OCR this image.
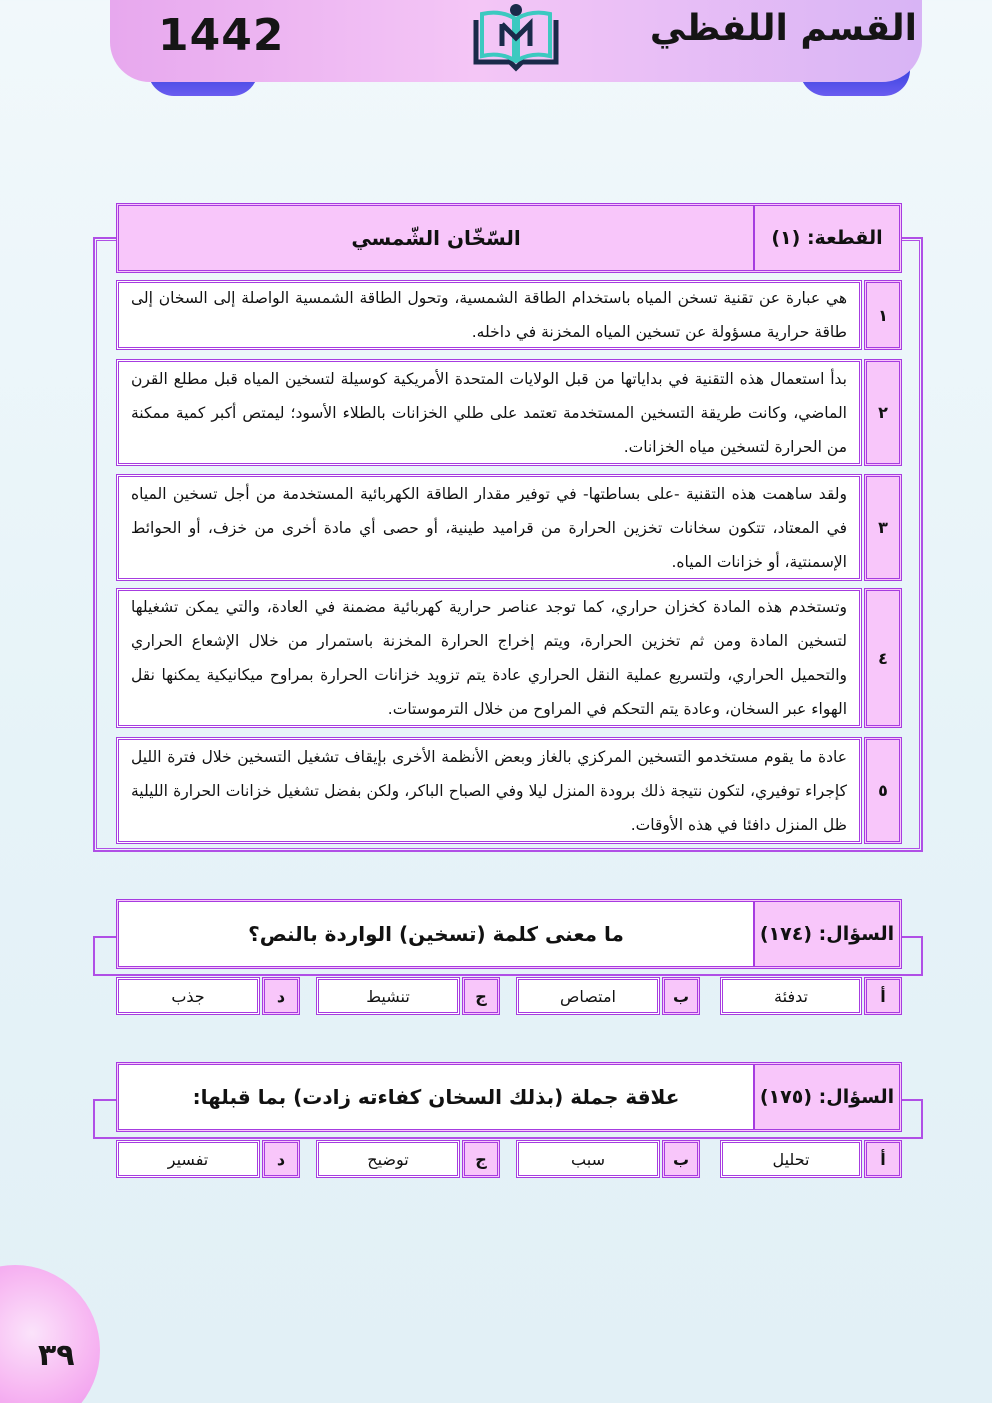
1442	القسم اللفظي
القطعة: (١)
السّخّان الشّمسي
١
هي عبارة عن تقنية تسخن المياه باستخدام الطاقة الشمسية، وتحول الطاقة الشمسية الواصلة إلى السخان إلى طاقة حرارية مسؤولة عن تسخين المياه المخزنة في داخله.
٢
بدأ استعمال هذه التقنية في بداياتها من قبل الولايات المتحدة الأمريكية كوسيلة لتسخين المياه قبل مطلع القرن الماضي، وكانت طريقة التسخين المستخدمة تعتمد على طلي الخزانات بالطلاء الأسود؛ ليمتص أكبر كمية ممكنة من الحرارة لتسخين مياه الخزانات.
٣
ولقد ساهمت هذه التقنية -على بساطتها- في توفير مقدار الطاقة الكهربائية المستخدمة من أجل تسخين المياه في المعتاد، تتكون سخانات تخزين الحرارة من قراميد طينية، أو حصى أي مادة أخرى من خزف، أو الحوائط الإسمنتية، أو خزانات المياه.
٤
وتستخدم هذه المادة كخزان حراري، كما توجد عناصر حرارية كهربائية مضمنة في العادة، والتي يمكن تشغيلها لتسخين المادة ومن ثم تخزين الحرارة، ويتم إخراج الحرارة المخزنة باستمرار من خلال الإشعاع الحراري والتحميل الحراري، ولتسريع عملية النقل الحراري عادة يتم تزويد خزانات الحرارة بمراوح ميكانيكية يمكنها نقل الهواء عبر السخان، وعادة يتم التحكم في المراوح من خلال الترموستات.
٥
عادة ما يقوم مستخدمو التسخين المركزي بالغاز وبعض الأنظمة الأخرى بإيقاف تشغيل التسخين خلال فترة الليل كإجراء توفيري، لتكون نتيجة ذلك برودة المنزل ليلا وفي الصباح الباكر، ولكن بفضل تشغيل خزانات الحرارة الليلية ظل المنزل دافئا في هذه الأوقات.
السؤال: (١٧٤)
ما معنى كلمة (تسخين) الواردة بالنص؟
أ
تدفئة
ب
امتصاص
ج
تنشيط
د
جذب
السؤال: (١٧٥)
علاقة جملة (بذلك السخان كفاءته زادت) بما قبلها:
أ
تحليل
ب
سبب
ج
توضيح
د
تفسير
٣٩
